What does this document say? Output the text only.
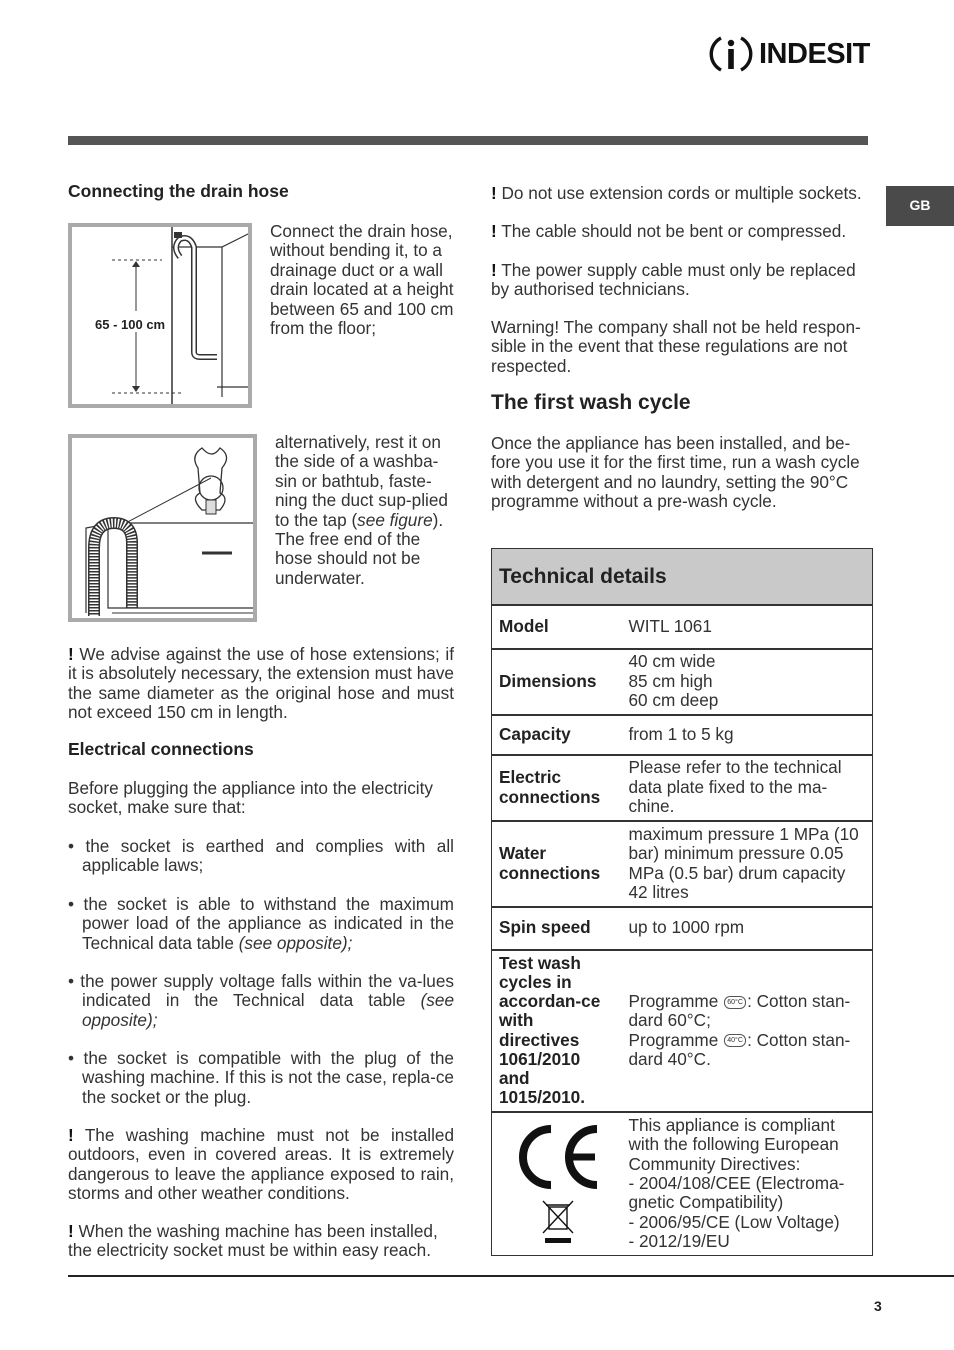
INDESIT
GB
Connecting the drain hose
65 - 100 cm

Connect the drain hose, without bending it, to a drainage duct or a wall drain located at a height between 65 and 100 cm from the floor;

alternatively, rest it on the side of a washba-sin or bathtub, faste-ning the duct sup-plied to the tap (see figure). The free end of the hose should not be underwater.

! We advise against the use of hose extensions; if it is absolutely necessary, the extension must have the same diameter as the original hose and must not exceed 150 cm in length.

Electrical connections

Before plugging the appliance into the electricity socket, make sure that:

• the socket is earthed and complies with all applicable laws;

• the socket is able to withstand the maximum power load of the appliance as indicated in the Technical data table (see opposite);

• the power supply voltage falls within the va-lues indicated in the Technical data table (see opposite);

• the socket is compatible with the plug of the washing machine. If this is not the case, repla-ce the socket or the plug.

! The washing machine must not be installed outdoors, even in covered areas. It is extremely dangerous to leave the appliance exposed to rain, storms and other weather conditions.

! When the washing machine has been installed, the electricity socket must be within easy reach.

! Do not use extension cords or multiple sockets.

! The cable should not be bent or compressed.

! The power supply cable must only be replaced by authorised technicians.

Warning! The company shall not be held respon-sible in the event that these regulations are not respected.

The first wash cycle

Once the appliance has been installed, and be-fore you use it for the first time, run a wash cycle with detergent and no laundry, setting the 90°C programme without a pre-wash cycle.

Technical details	
Model	WITL 1061
Dimensions	40 cm wide
85 cm high
60 cm deep

Capacity	from 1 to 5 kg
Electric connections	Please refer to the technical data plate fixed to the ma-chine.
Water connections	maximum pressure 1 MPa (10 bar) minimum pressure 0.05 MPa (0.5 bar) drum capacity 42 litres
Spin speed	up to 1000 rpm
Test wash cycles in accordan-ce with directives 1061/2010 and 1015/2010.	Programme 60°C : Cotton stan-dard 60°C;
Programme 40°C : Cotton stan-dard 40°C.

This appliance is compliant with the following European Community Directives:
- 2004/108/CEE (Electroma-gnetic Compatibility)
- 2006/95/CE (Low Voltage)
- 2012/19/EU
3
